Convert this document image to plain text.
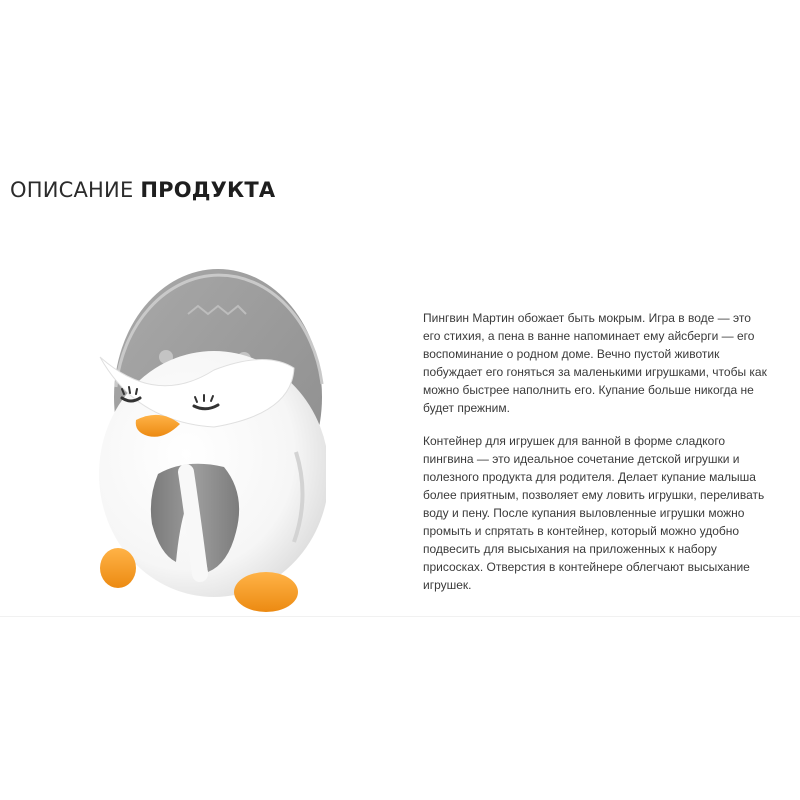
ОПИСАНИЕ ПРОДУКТА

Пингвин Мартин обожает быть мокрым. Игра в воде — это его стихия, а пена в ванне напоминает ему айсберги — его воспоминание о родном доме. Вечно пустой животик побуждает его гоняться за маленькими игрушками, чтобы как можно быстрее наполнить его. Купание больше никогда не будет прежним.

Контейнер для игрушек для ванной в форме сладкого пингвина — это идеальное сочетание детской игрушки и полезного продукта для родителя. Делает купание малыша более приятным, позволяет ему ловить игрушки, переливать воду и пену. После купания выловленные игрушки можно промыть и спрятать в контейнер, который можно удобно подвесить для высыхания на приложенных к набору присосках. Отверстия в контейнере облегчают высыхание игрушек.
